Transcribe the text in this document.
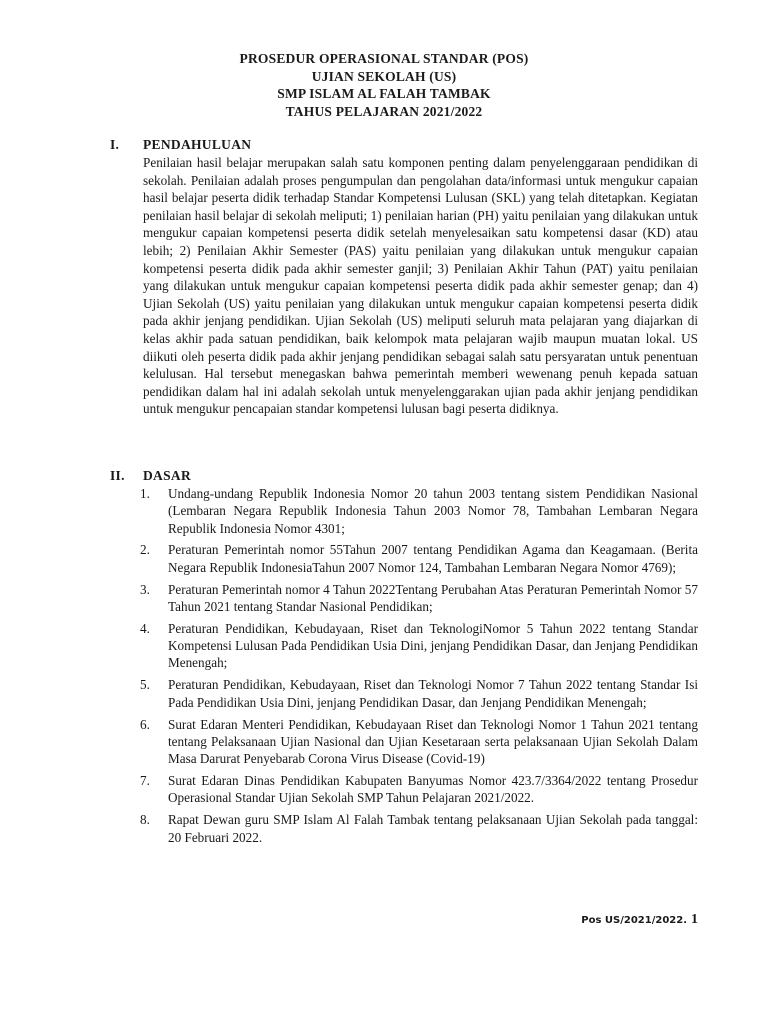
PROSEDUR OPERASIONAL STANDAR (POS)
UJIAN SEKOLAH (US)
SMP ISLAM AL FALAH TAMBAK
TAHUS PELAJARAN 2021/2022
I. PENDAHULUAN

Penilaian hasil belajar merupakan salah satu komponen penting dalam penyelenggaraan pendidikan di sekolah. Penilaian adalah proses pengumpulan dan pengolahan data/informasi untuk mengukur capaian hasil belajar peserta didik terhadap Standar Kompetensi Lulusan (SKL) yang telah ditetapkan. Kegiatan penilaian hasil belajar di sekolah meliputi; 1) penilaian harian (PH) yaitu penilaian yang dilakukan untuk mengukur capaian kompetensi peserta didik setelah menyelesaikan satu kompetensi dasar (KD) atau lebih; 2) Penilaian Akhir Semester (PAS) yaitu penilaian yang dilakukan untuk mengukur capaian kompetensi peserta didik pada akhir semester ganjil; 3) Penilaian Akhir Tahun (PAT) yaitu penilaian yang dilakukan untuk mengukur capaian kompetensi peserta didik pada akhir semester genap; dan 4) Ujian Sekolah (US) yaitu penilaian yang dilakukan untuk mengukur capaian kompetensi peserta didik pada akhir jenjang pendidikan. Ujian Sekolah (US) meliputi seluruh mata pelajaran yang diajarkan di kelas akhir pada satuan pendidikan, baik kelompok mata pelajaran wajib maupun muatan lokal. US diikuti oleh peserta didik pada akhir jenjang pendidikan sebagai salah satu persyaratan untuk penentuan kelulusan. Hal tersebut menegaskan bahwa pemerintah memberi wewenang penuh kepada satuan pendidikan dalam hal ini adalah sekolah untuk menyelenggarakan ujian pada akhir jenjang pendidikan untuk mengukur pencapaian standar kompetensi lulusan bagi peserta didiknya.

II. DASAR
1.	Undang-undang Republik Indonesia Nomor 20 tahun 2003 tentang sistem Pendidikan Nasional (Lembaran Negara Republik Indonesia Tahun 2003 Nomor 78, Tambahan Lembaran Negara Republik Indonesia Nomor 4301;
2.	Peraturan Pemerintah nomor 55Tahun 2007 tentang Pendidikan Agama dan Keagamaan. (Berita Negara Republik IndonesiaTahun 2007 Nomor 124, Tambahan Lembaran Negara Nomor 4769);
3.	Peraturan Pemerintah nomor 4 Tahun 2022Tentang Perubahan Atas Peraturan Pemerintah Nomor 57 Tahun 2021 tentang Standar Nasional Pendidikan;
4.	Peraturan Pendidikan, Kebudayaan, Riset dan TeknologiNomor 5 Tahun 2022 tentang Standar Kompetensi Lulusan Pada Pendidikan Usia Dini, jenjang Pendidikan Dasar, dan Jenjang Pendidikan Menengah;
5.	Peraturan Pendidikan, Kebudayaan, Riset dan Teknologi Nomor 7 Tahun 2022 tentang Standar Isi Pada Pendidikan Usia Dini, jenjang Pendidikan Dasar, dan Jenjang Pendidikan Menengah;
6.	Surat Edaran Menteri Pendidikan, Kebudayaan Riset dan Teknologi Nomor 1 Tahun 2021 tentang tentang Pelaksanaan Ujian Nasional dan Ujian Kesetaraan serta pelaksanaan Ujian Sekolah Dalam Masa Darurat Penyebarab Corona Virus Disease (Covid-19)
7.	Surat Edaran Dinas Pendidikan Kabupaten Banyumas Nomor 423.7/3364/2022 tentang Prosedur Operasional Standar Ujian Sekolah SMP Tahun Pelajaran 2021/2022.
8.	Rapat Dewan guru SMP Islam Al Falah Tambak tentang pelaksanaan Ujian Sekolah pada tanggal: 20 Februari 2022.
Pos US/2021/2022. 1
